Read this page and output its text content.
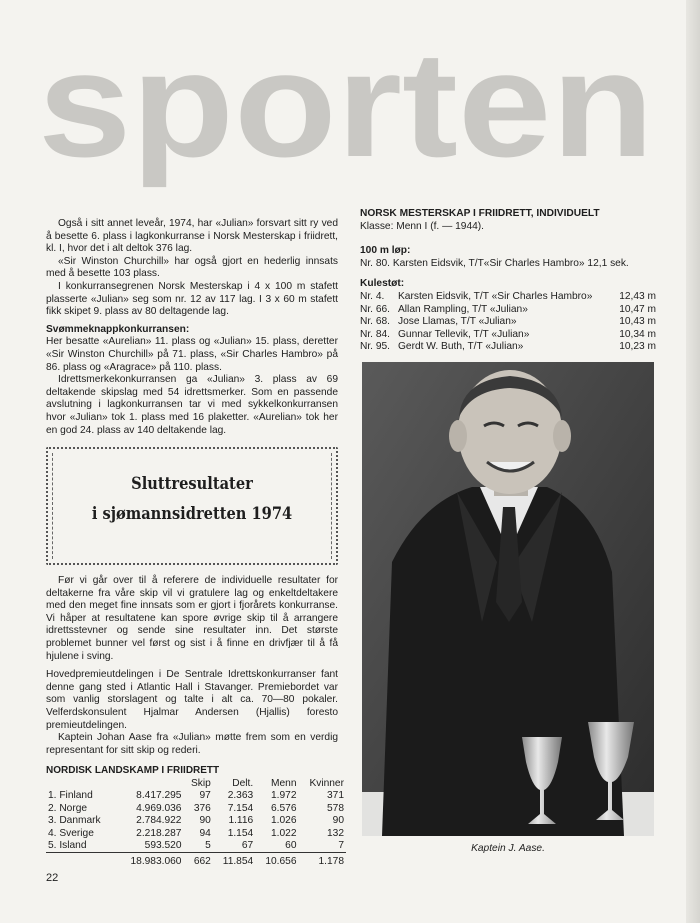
sporten

Også i sitt annet leveår, 1974, har «Julian» forsvart sitt ry ved å besette 6. plass i lagkonkurranse i Norsk Mesterskap i friidrett, kl. I, hvor det i alt deltok 376 lag.

«Sir Winston Churchill» har også gjort en hederlig innsats med å besette 103 plass.

I konkurransegrenen Norsk Mesterskap i 4 x 100 m stafett plasserte «Julian» seg som nr. 12 av 117 lag. I 3 x 60 m stafett fikk skipet 9. plass av 80 deltagende lag.

Svømmeknappkonkurransen:

Her besatte «Aurelian» 11. plass og «Julian» 15. plass, deretter «Sir Winston Churchill» på 71. plass, «Sir Charles Hambro» på 86. plass og «Aragrace» på 110. plass.

Idrettsmerkekonkurransen ga «Julian» 3. plass av 69 deltakende skipslag med 54 idrettsmerker. Som en passende avslutning i lagkonkurransen tar vi med sykkelkonkurransen hvor «Julian» tok 1. plass med 16 plaketter. «Aurelian» tok her en god 24. plass av 140 deltakende lag.

Sluttresultater
i sjømannsidretten 1974

Før vi går over til å referere de individuelle resultater for deltakerne fra våre skip vil vi gratulere lag og enkeltdeltakere med den meget fine innsats som er gjort i fjorårets konkurranse. Vi håper at resultatene kan spore øvrige skip til å arrangere idrettsstevner og sende sine resultater inn. Det største problemet bunner vel først og sist i å finne en drivfjær til å få hjulene i sving.

Hovedpremieutdelingen i De Sentrale Idrettskonkurranser fant denne gang sted i Atlantic Hall i Stavanger. Premiebordet var som vanlig storslagent og talte i alt ca. 70—80 pokaler. Velferdskonsulent Hjalmar Andersen (Hjallis) foresto premieutdelingen.

Kaptein Johan Aase fra «Julian» møtte frem som en verdig representant for sitt skip og rederi.

NORDISK LANDSKAMP I FRIIDRETT
		Skip	Delt.	Menn	Kvinner
1. Finland	8.417.295	97	2.363	1.972	371
2. Norge	4.969.036	376	7.154	6.576	578
3. Danmark	2.784.922	90	1.116	1.026	90
4. Sverige	2.218.287	94	1.154	1.022	132
5. Island	593.520	5	67	60	7
	18.983.060	662	11.854	10.656	1.178
NORSK MESTERSKAP I FRIIDRETT, INDIVIDUELT
Klasse: Menn I (f. — 1944).
100 m løp:
Nr. 80. Karsten Eidsvik, T/T«Sir Charles Hambro» 12,1 sek.
Kulestøt:
Nr. 4.	Karsten Eidsvik, T/T «Sir Charles Hambro»	12,43 m
Nr. 66. Allan Rampling, T/T «Julian»	10,47 m
Nr. 68. Jose Llamas, T/T «Julian»	10,43 m
Nr. 84. Gunnar Tellevik, T/T «Julian»	10,34 m
Nr. 95. Gerdt W. Buth, T/T «Julian»	10,23 m
Kaptein J. Aase.
22
